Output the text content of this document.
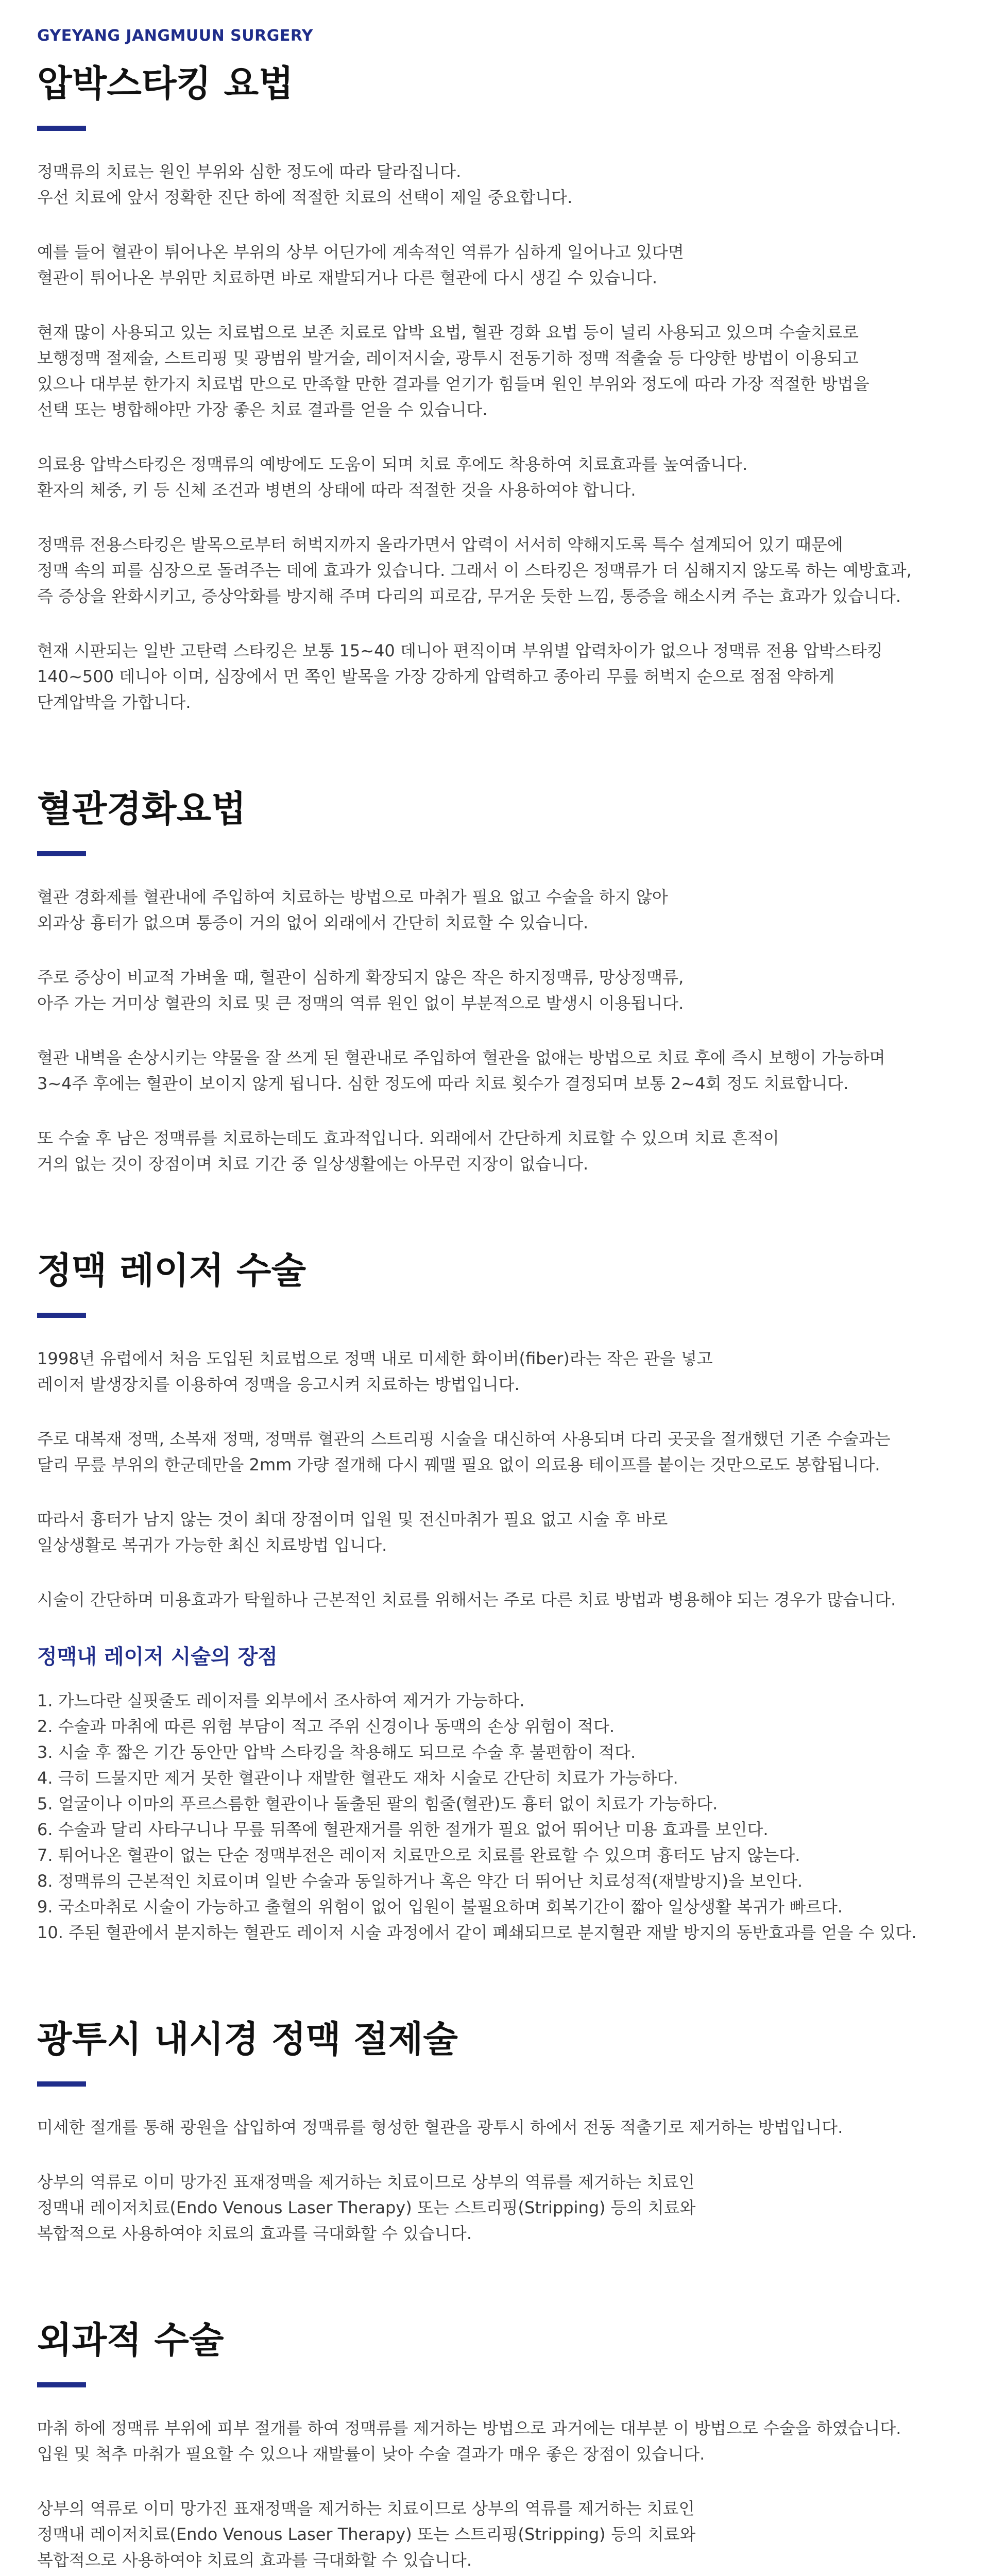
GYEYANG JANGMUUN SURGERY
압박스타킹 요법

정맥류의 치료는 원인 부위와 심한 정도에 따라 달라집니다.
우선 치료에 앞서 정확한 진단 하에 적절한 치료의 선택이 제일 중요합니다.

예를 들어 혈관이 튀어나온 부위의 상부 어딘가에 계속적인 역류가 심하게 일어나고 있다면
혈관이 튀어나온 부위만 치료하면 바로 재발되거나 다른 혈관에 다시 생길 수 있습니다.

현재 많이 사용되고 있는 치료법으로 보존 치료로 압박 요법, 혈관 경화 요법 등이 널리 사용되고 있으며 수술치료로
보행정맥 절제술, 스트리핑 및 광범위 발거술, 레이저시술, 광투시 전동기하 정맥 적출술 등 다양한 방법이 이용되고
있으나 대부분 한가지 치료법 만으로 만족할 만한 결과를 얻기가 힘들며 원인 부위와 정도에 따라 가장 적절한 방법을
선택 또는 병합해야만 가장 좋은 치료 결과를 얻을 수 있습니다.

의료용 압박스타킹은 정맥류의 예방에도 도움이 되며 치료 후에도 착용하여 치료효과를 높여줍니다.
환자의 체중, 키 등 신체 조건과 병변의 상태에 따라 적절한 것을 사용하여야 합니다.

정맥류 전용스타킹은 발목으로부터 허벅지까지 올라가면서 압력이 서서히 약해지도록 특수 설계되어 있기 때문에
정맥 속의 피를 심장으로 돌려주는 데에 효과가 있습니다. 그래서 이 스타킹은 정맥류가 더 심해지지 않도록 하는 예방효과,
즉 증상을 완화시키고, 증상악화를 방지해 주며 다리의 피로감, 무거운 듯한 느낌, 통증을 해소시켜 주는 효과가 있습니다.

현재 시판되는 일반 고탄력 스타킹은 보통 15~40 데니아 편직이며 부위별 압력차이가 없으나 정맥류 전용 압박스타킹
140~500 데니아 이며, 심장에서 먼 쪽인 발목을 가장 강하게 압력하고 종아리 무릎 허벅지 순으로 점점 약하게
단계압박을 가합니다.

혈관경화요법

혈관 경화제를 혈관내에 주입하여 치료하는 방법으로 마취가 필요 없고 수술을 하지 않아
외과상 흉터가 없으며 통증이 거의 없어 외래에서 간단히 치료할 수 있습니다.

주로 증상이 비교적 가벼울 때, 혈관이 심하게 확장되지 않은 작은 하지정맥류, 망상정맥류,
아주 가는 거미상 혈관의 치료 및 큰 정맥의 역류 원인 없이 부분적으로 발생시 이용됩니다.

혈관 내벽을 손상시키는 약물을 잘 쓰게 된 혈관내로 주입하여 혈관을 없애는 방법으로 치료 후에 즉시 보행이 가능하며
3~4주 후에는 혈관이 보이지 않게 됩니다. 심한 정도에 따라 치료 횟수가 결정되며 보통 2~4회 정도 치료합니다.

또 수술 후 남은 정맥류를 치료하는데도 효과적입니다. 외래에서 간단하게 치료할 수 있으며 치료 흔적이
거의 없는 것이 장점이며 치료 기간 중 일상생활에는 아무런 지장이 없습니다.

정맥 레이저 수술

1998년 유럽에서 처음 도입된 치료법으로 정맥 내로 미세한 화이버(fiber)라는 작은 관을 넣고
레이저 발생장치를 이용하여 정맥을 응고시켜 치료하는 방법입니다.

주로 대복재 정맥, 소복재 정맥, 정맥류 혈관의 스트리핑 시술을 대신하여 사용되며 다리 곳곳을 절개했던 기존 수술과는
달리 무릎 부위의 한군데만을 2mm 가량 절개해 다시 꿰맬 필요 없이 의료용 테이프를 붙이는 것만으로도 봉합됩니다.

따라서 흉터가 남지 않는 것이 최대 장점이며 입원 및 전신마취가 필요 없고 시술 후 바로
일상생활로 복귀가 가능한 최신 치료방법 입니다.

시술이 간단하며 미용효과가 탁월하나 근본적인 치료를 위해서는 주로 다른 치료 방법과 병용해야 되는 경우가 많습니다.

정맥내 레이저 시술의 장점
1. 가느다란 실핏줄도 레이저를 외부에서 조사하여 제거가 가능하다.
2. 수술과 마취에 따른 위험 부담이 적고 주위 신경이나 동맥의 손상 위험이 적다.
3. 시술 후 짧은 기간 동안만 압박 스타킹을 착용해도 되므로 수술 후 불편함이 적다.
4. 극히 드물지만 제거 못한 혈관이나 재발한 혈관도 재차 시술로 간단히 치료가 가능하다.
5. 얼굴이나 이마의 푸르스름한 혈관이나 돌출된 팔의 힘줄(혈관)도 흉터 없이 치료가 가능하다.
6. 수술과 달리 사타구니나 무릎 뒤쪽에 혈관재거를 위한 절개가 필요 없어 뛰어난 미용 효과를 보인다.
7. 튀어나온 혈관이 없는 단순 정맥부전은 레이저 치료만으로 치료를 완료할 수 있으며 흉터도 남지 않는다.
8. 정맥류의 근본적인 치료이며 일반 수술과 동일하거나 혹은 약간 더 뛰어난 치료성적(재발방지)을 보인다.
9. 국소마취로 시술이 가능하고 출혈의 위험이 없어 입원이 불필요하며 회복기간이 짧아 일상생활 복귀가 빠르다.
10. 주된 혈관에서 분지하는 혈관도 레이저 시술 과정에서 같이 폐쇄되므로 분지혈관 재발 방지의 동반효과를 얻을 수 있다.
광투시 내시경 정맥 절제술

미세한 절개를 통해 광원을 삽입하여 정맥류를 형성한 혈관을 광투시 하에서 전동 적출기로 제거하는 방법입니다.

상부의 역류로 이미 망가진 표재정맥을 제거하는 치료이므로 상부의 역류를 제거하는 치료인
정맥내 레이저치료(Endo Venous Laser Therapy) 또는 스트리핑(Stripping) 등의 치료와
복합적으로 사용하여야 치료의 효과를 극대화할 수 있습니다.

외과적 수술

마취 하에 정맥류 부위에 피부 절개를 하여 정맥류를 제거하는 방법으로 과거에는 대부분 이 방법으로 수술을 하였습니다.
입원 및 척추 마취가 필요할 수 있으나 재발률이 낮아 수술 결과가 매우 좋은 장점이 있습니다.

상부의 역류로 이미 망가진 표재정맥을 제거하는 치료이므로 상부의 역류를 제거하는 치료인
정맥내 레이저치료(Endo Venous Laser Therapy) 또는 스트리핑(Stripping) 등의 치료와
복합적으로 사용하여야 치료의 효과를 극대화할 수 있습니다.
